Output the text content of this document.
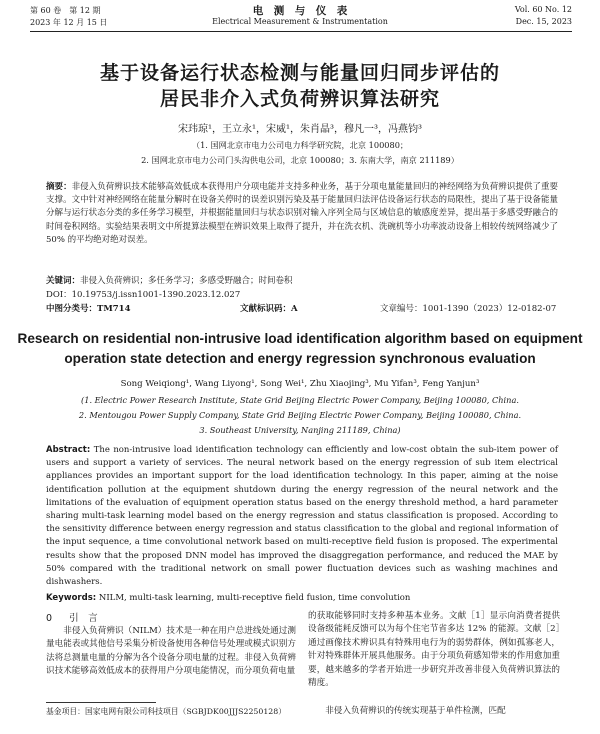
第 60 卷　第 12 期
2023 年 12 月 15 日
电　测　与　仪　表
Electrical Measurement & Instrumentation
Vol. 60 No. 12
Dec. 15, 2023
基于设备运行状态检测与能量回归同步评估的
居民非介入式负荷辨识算法研究
宋玮琼¹，王立永¹，宋威¹，朱肖晶³，穆凡一³，冯燕钧³
（1. 国网北京市电力公司电力科学研究院，北京 100080；
2. 国网北京市电力公司门头沟供电公司，北京 100080；3. 东南大学，南京 211189）
摘要：非侵入负荷辨识技术能够高效低成本获得用户分项电能并支持多种业务，基于分项电量能量回归的神经网络为负荷辨识提供了重要支撑。文中针对神经网络在能量分解时在设备关停时的误差识别污染及基于能量回归法评估设备运行状态的局限性，提出了基于设备能量分解与运行状态分类的多任务学习模型，并根据能量回归与状态识别对输入序列全局与区域信息的敏感度差异，提出基于多感受野融合的时间卷积网络。实验结果表明文中所提算法模型在辨识效果上取得了提升，并在洗衣机、洗碗机等小功率波动设备上相较传统网络减少了 50% 的平均绝对绝对误差。
关键词：非侵入负荷辨识；多任务学习；多感受野融合；时间卷积
DOI：10.19753/j.issn1001-1390.2023.12.027
中图分类号：TM714	文献标识码：A	文章编号：1001-1390（2023）12-0182-07
Research on residential non-intrusive load identification algorithm based on equipment
operation state detection and energy regression synchronous evaluation
Song Weiqiong¹, Wang Liyong¹, Song Wei¹, Zhu Xiaojing³, Mu Yifan³, Feng Yanjun³
(1. Electric Power Research Institute, State Grid Beijing Electric Power Company, Beijing 100080, China.
2. Mentougou Power Supply Company, State Grid Beijing Electric Power Company, Beijing 100080, China.
3. Southeast University, Nanjing 211189, China)
Abstract: The non-intrusive load identification technology can efficiently and low-cost obtain the sub-item power of users and support a variety of services. The neural network based on the energy regression of sub item electrical appliances provides an important support for the load identification technology. In this paper, aiming at the noise identification pollution at the equipment shutdown during the energy regression of the neural network and the limitations of the evaluation of equipment operation status based on the energy threshold method, a hard parameter sharing multi-task learning model based on the energy regression and status classification is proposed. According to the sensitivity difference between energy regression and status classification to the global and regional information of the input sequence, a time convolutional network based on multi-receptive field fusion is proposed. The experimental results show that the proposed DNN model has improved the disaggregation performance, and reduced the MAE by 50% compared with the traditional network on small power fluctuation devices such as washing machines and dishwashers.
Keywords: NILM, multi-task learning, multi-receptive field fusion, time convolution
0 引　言
非侵入负荷辨识（NILM）技术是一种在用户总进线处通过测量电能表或其他信号采集分析设备使用各种信号处理或模式识别方法将总测量电量的分解为各个设备分项电量的过程。非侵入负荷辨识技术能够高效低成本的获得用户分项电能情况，而分项负荷电量
的获取能够同时支持多种基本业务。文献［1］显示向消费者提供设备级能耗反馈可以为每个住宅节省多达 12% 的能源。文献［2］通过画像技术辨识具有特殊用电行为的弱势群体，例如孤寡老人，针对特殊群体开展具他服务。由于分项负荷感知带来的作用愈加重要，越来越多的学者开始进一步研究并改善非侵入负荷辨识算法的精度。
非侵入负荷辨识的传统实现基于单件检测，匹配
基金项目：国家电网有限公司科技项目（SGBJDK00JJJS2250128）
